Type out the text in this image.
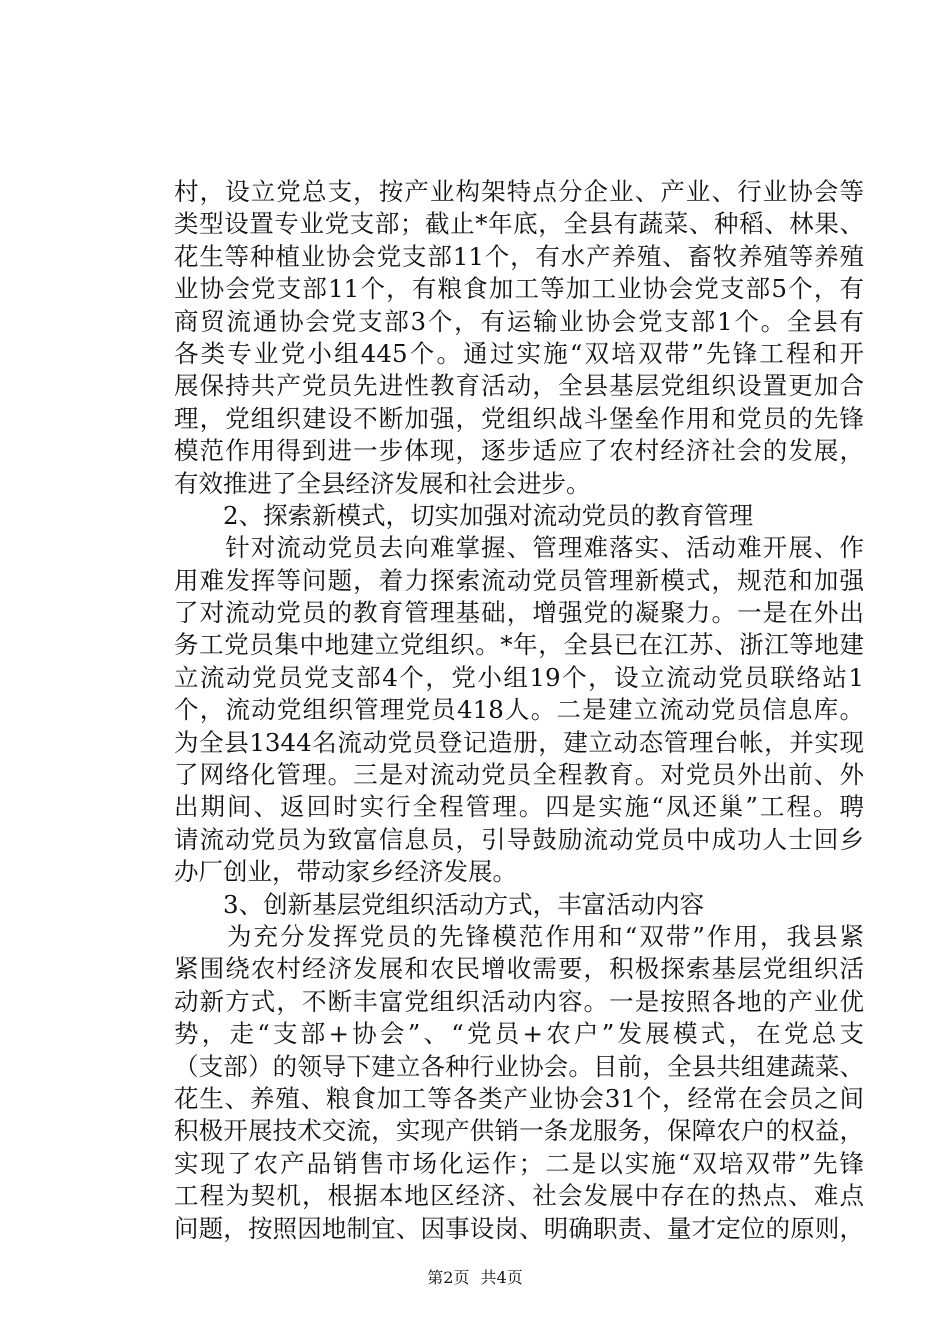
村，设立党总支，按产业构架特点分企业、产业、行业协会等
类型设置专业党支部；截止*年底，全县有蔬菜、种稻、林果、
花生等种植业协会党支部11个，有水产养殖、畜牧养殖等养殖
业协会党支部11个，有粮食加工等加工业协会党支部5个，有
商贸流通协会党支部3个，有运输业协会党支部1个。全县有
各类专业党小组445个。通过实施“双培双带”先锋工程和开
展保持共产党员先进性教育活动，全县基层党组织设置更加合
理，党组织建设不断加强，党组织战斗堡垒作用和党员的先锋
模范作用得到进一步体现，逐步适应了农村经济社会的发展，
有效推进了全县经济发展和社会进步。
　　2、探索新模式，切实加强对流动党员的教育管理
　　针对流动党员去向难掌握、管理难落实、活动难开展、作
用难发挥等问题，着力探索流动党员管理新模式，规范和加强
了对流动党员的教育管理基础，增强党的凝聚力。一是在外出
务工党员集中地建立党组织。*年，全县已在江苏、浙江等地建
立流动党员党支部4个，党小组19个，设立流动党员联络站1
个，流动党组织管理党员418人。二是建立流动党员信息库。
为全县1344名流动党员登记造册，建立动态管理台帐，并实现
了网络化管理。三是对流动党员全程教育。对党员外出前、外
出期间、返回时实行全程管理。四是实施“凤还巢”工程。聘
请流动党员为致富信息员，引导鼓励流动党员中成功人士回乡
办厂创业，带动家乡经济发展。
　　3、创新基层党组织活动方式，丰富活动内容
　　为充分发挥党员的先锋模范作用和“双带”作用，我县紧
紧围绕农村经济发展和农民增收需要，积极探索基层党组织活
动新方式，不断丰富党组织活动内容。一是按照各地的产业优
势，走“支部+协会”、“党员+农户”发展模式，在党总支
（支部）的领导下建立各种行业协会。目前，全县共组建蔬菜、
花生、养殖、粮食加工等各类产业协会31个，经常在会员之间
积极开展技术交流，实现产供销一条龙服务，保障农户的权益，
实现了农产品销售市场化运作；二是以实施“双培双带”先锋
工程为契机，根据本地区经济、社会发展中存在的热点、难点
问题，按照因地制宜、因事设岗、明确职责、量才定位的原则，
第2页 共4页
